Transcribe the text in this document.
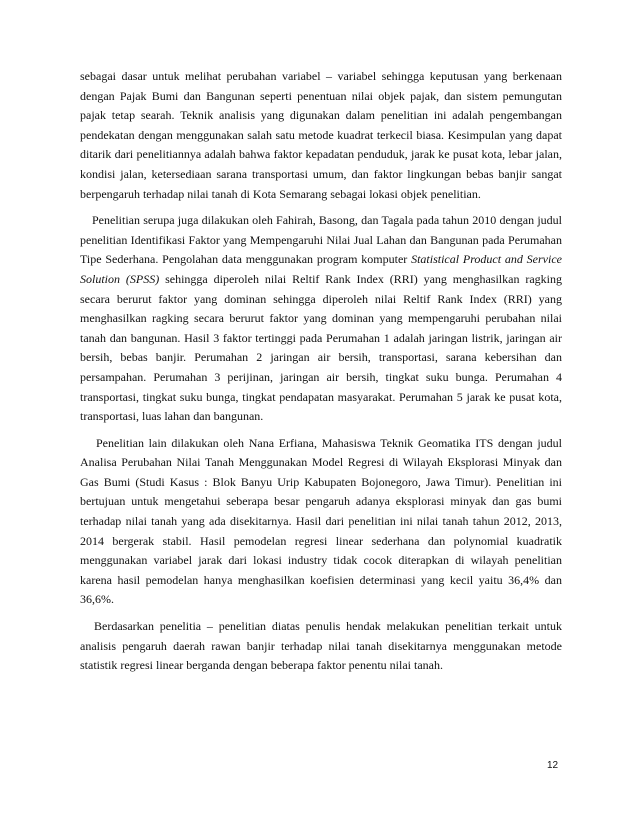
sebagai dasar untuk melihat perubahan variabel – variabel sehingga keputusan yang berkenaan dengan Pajak Bumi dan Bangunan seperti penentuan nilai objek pajak, dan sistem pemungutan pajak tetap searah. Teknik analisis yang digunakan dalam penelitian ini adalah pengembangan pendekatan dengan menggunakan salah satu metode kuadrat terkecil biasa. Kesimpulan yang dapat ditarik dari penelitiannya adalah bahwa faktor kepadatan penduduk, jarak ke pusat kota, lebar jalan, kondisi jalan, ketersediaan sarana transportasi umum, dan faktor lingkungan bebas banjir sangat berpengaruh terhadap nilai tanah di Kota Semarang sebagai lokasi objek penelitian.

Penelitian serupa juga dilakukan oleh Fahirah, Basong, dan Tagala pada tahun 2010 dengan judul penelitian Identifikasi Faktor yang Mempengaruhi Nilai Jual Lahan dan Bangunan pada Perumahan Tipe Sederhana. Pengolahan data menggunakan program komputer Statistical Product and Service Solution (SPSS) sehingga diperoleh nilai Reltif Rank Index (RRI) yang menghasilkan ragking secara berurut faktor yang dominan sehingga diperoleh nilai Reltif Rank Index (RRI) yang menghasilkan ragking secara berurut faktor yang dominan yang mempengaruhi perubahan nilai tanah dan bangunan. Hasil 3 faktor tertinggi pada Perumahan 1 adalah jaringan listrik, jaringan air bersih, bebas banjir. Perumahan 2 jaringan air bersih, transportasi, sarana kebersihan dan persampahan. Perumahan 3 perijinan, jaringan air bersih, tingkat suku bunga. Perumahan 4 transportasi, tingkat suku bunga, tingkat pendapatan masyarakat. Perumahan 5 jarak ke pusat kota, transportasi, luas lahan dan bangunan.

Penelitian lain dilakukan oleh Nana Erfiana, Mahasiswa Teknik Geomatika ITS dengan judul Analisa Perubahan Nilai Tanah Menggunakan Model Regresi di Wilayah Eksplorasi Minyak dan Gas Bumi (Studi Kasus : Blok Banyu Urip Kabupaten Bojonegoro, Jawa Timur). Penelitian ini bertujuan untuk mengetahui seberapa besar pengaruh adanya eksplorasi minyak dan gas bumi terhadap nilai tanah yang ada disekitarnya. Hasil dari penelitian ini nilai tanah tahun 2012, 2013, 2014 bergerak stabil. Hasil pemodelan regresi linear sederhana dan polynomial kuadratik menggunakan variabel jarak dari lokasi industry tidak cocok diterapkan di wilayah penelitian karena hasil pemodelan hanya menghasilkan koefisien determinasi yang kecil yaitu 36,4% dan 36,6%.

Berdasarkan penelitia – penelitian diatas penulis hendak melakukan penelitian terkait untuk analisis pengaruh daerah rawan banjir terhadap nilai tanah disekitarnya menggunakan metode statistik regresi linear berganda dengan beberapa faktor penentu nilai tanah.

12
